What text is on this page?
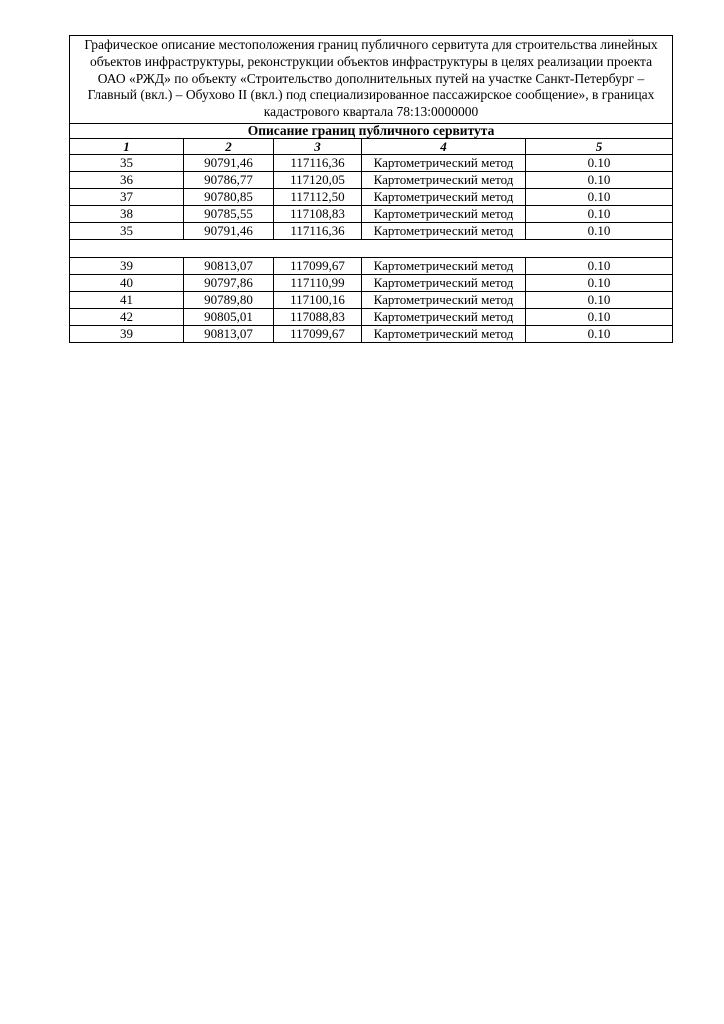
Графическое описание местоположения границ публичного сервитута для строительства линейных объектов инфраструктуры, реконструкции объектов инфраструктуры в целях реализации проекта ОАО «РЖД» по объекту «Строительство дополнительных путей на участке Санкт-Петербург – Главный (вкл.) – Обухово II (вкл.) под специализированное пассажирское сообщение», в границах кадастрового квартала 78:13:0000000				
Описание границ публичного сервитута				
1	2	3	4	5
35	90791,46	117116,36	Картометрический метод	0.10
36	90786,77	117120,05	Картометрический метод	0.10
37	90780,85	117112,50	Картометрический метод	0.10
38	90785,55	117108,83	Картометрический метод	0.10
35	90791,46	117116,36	Картометрический метод	0.10

39	90813,07	117099,67	Картометрический метод	0.10
40	90797,86	117110,99	Картометрический метод	0.10
41	90789,80	117100,16	Картометрический метод	0.10
42	90805,01	117088,83	Картометрический метод	0.10
39	90813,07	117099,67	Картометрический метод	0.10
